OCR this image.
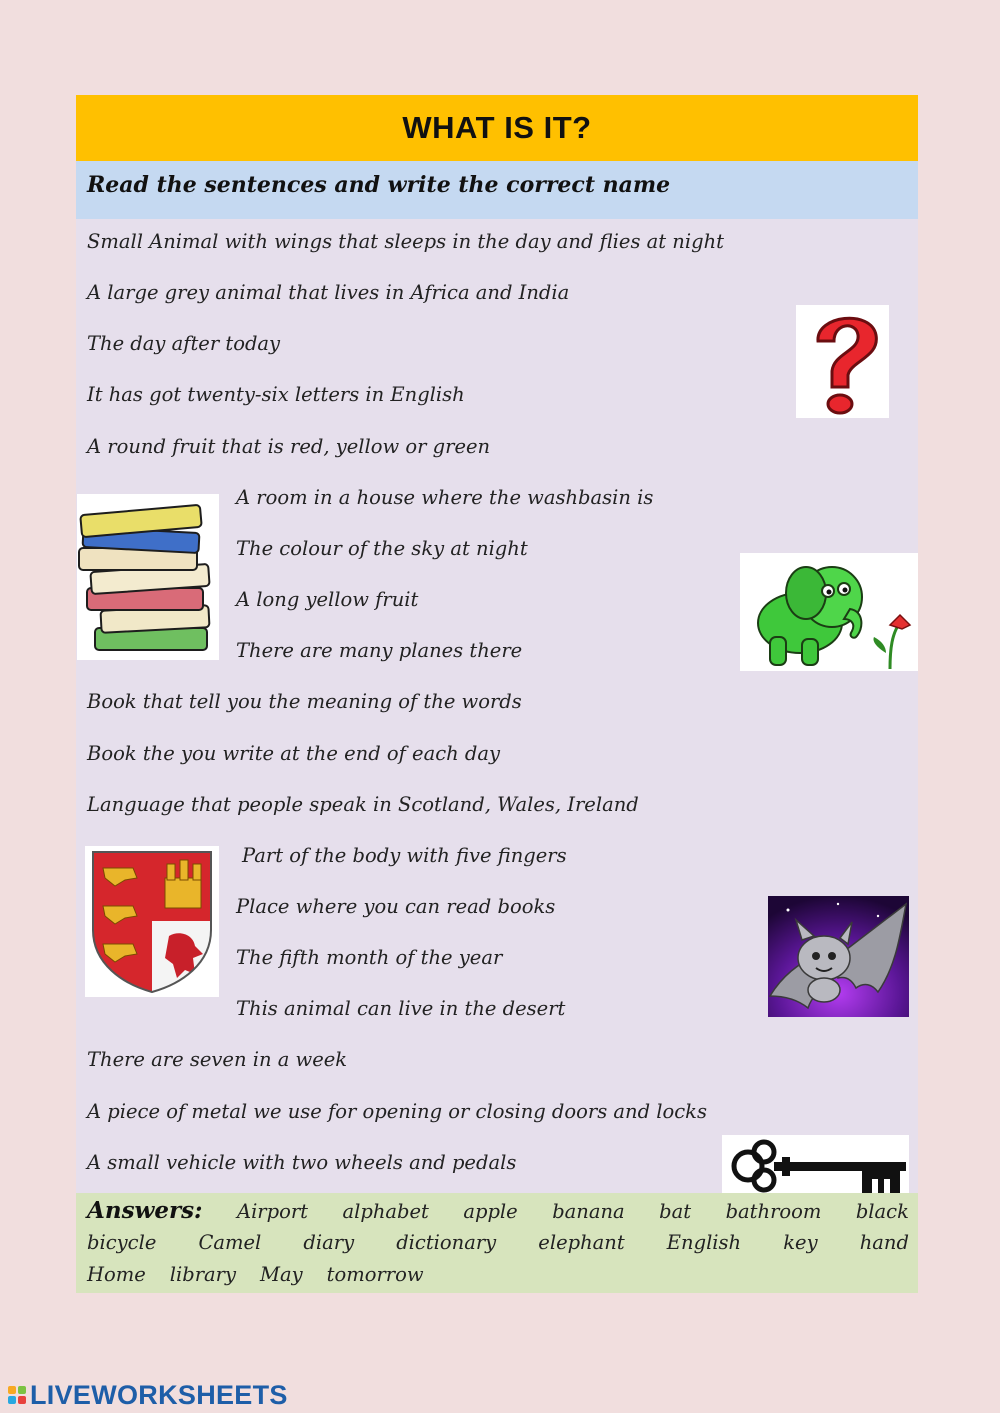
WHAT IS IT?
Read the sentences and write the correct name
Small Animal with wings that sleeps in the day and flies at night
A large grey animal that lives in Africa and India
The day after today
It has got twenty-six letters in English
A round fruit that is red, yellow or green
A room in a house where the washbasin is
The colour of the sky at night
A long yellow fruit
There are many planes there
Book that tell you the meaning of the words
Book the you write at the end of each day
Language that people speak in Scotland, Wales, Ireland
Part of the body with five fingers
Place where you can read books
The fifth month of the year
This animal can live in the desert
There are seven in a week
A piece of metal we use for opening or closing doors and locks
A small vehicle with two wheels and pedals
Answers: Airport alphabet apple banana bat bathroom black
bicycle Camel diary dictionary elephant English key hand
Home library May tomorrow
LIVEWORKSHEETS
